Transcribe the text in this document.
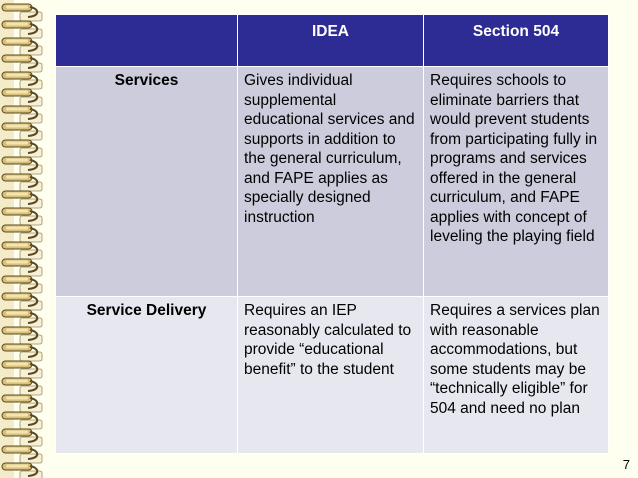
	IDEA	Section 504
Services	Gives individual supplemental educational services and supports in addition to the general curriculum, and FAPE applies as specially designed instruction	Requires schools to eliminate barriers that would prevent students from participating fully in programs and services offered in the general curriculum, and FAPE applies with concept of leveling the playing field
Service Delivery	Requires an IEP reasonably calculated to provide “educational benefit” to the student	Requires a services plan with reasonable accommodations, but some students may be “technically eligible” for 504 and need no plan
7
